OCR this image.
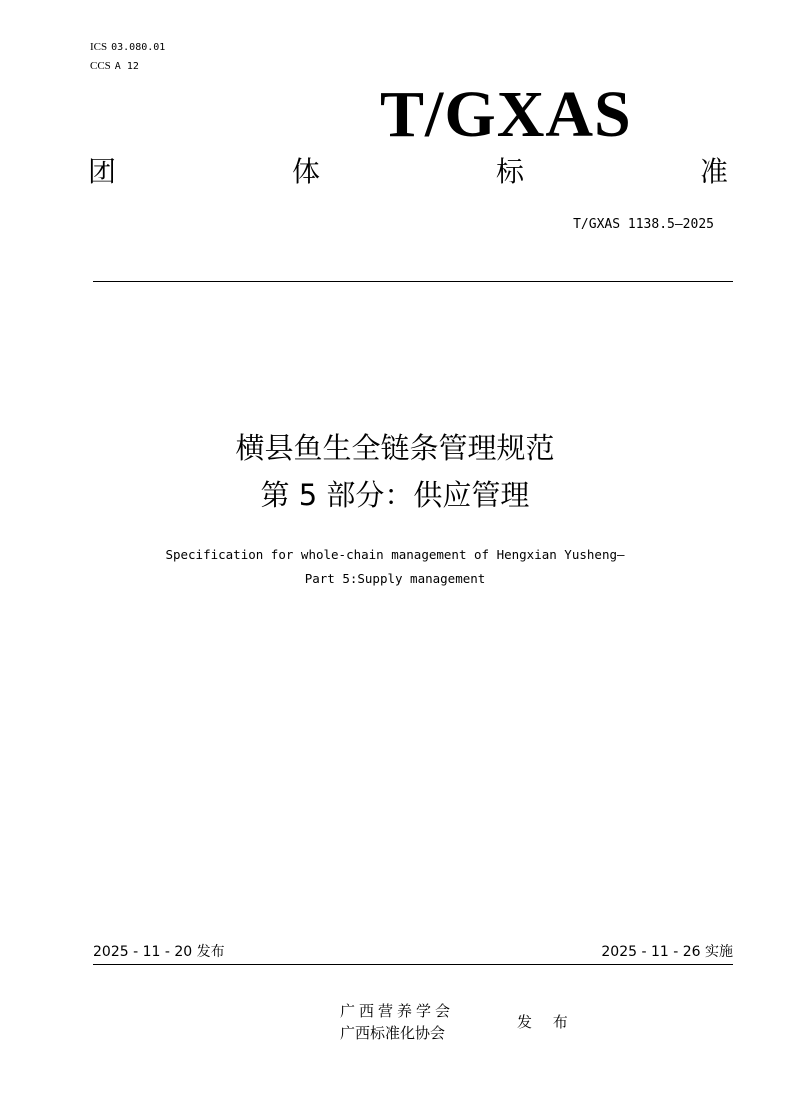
ICS 03.080.01
CCS A 12
T/GXAS
团	体	标	准
T/GXAS 1138.5—2025
横县鱼生全链条管理规范
第 5 部分：供应管理
Specification for whole-chain management of Hengxian Yusheng—
Part 5:Supply management
2025 - 11 - 20 发布	2025 - 11 - 26 实施
广西营养学会
广西标准化协会
发 布
